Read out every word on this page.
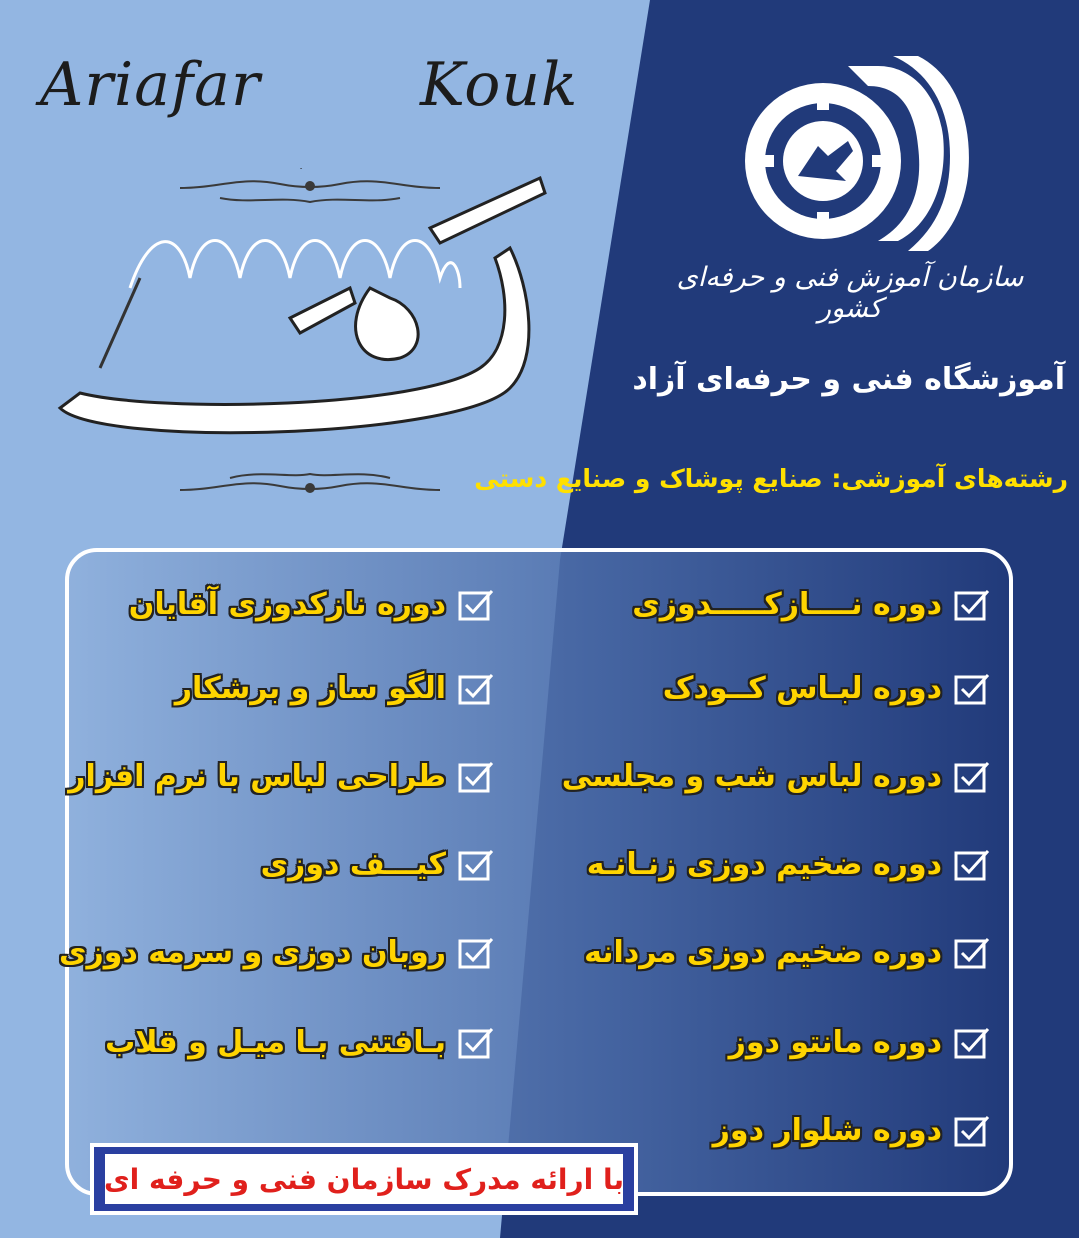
Ariafar	Kouk
سازمان آموزش فنی و حرفه‌ای کشور
آموزشگاه فنی و حرفه‌ای آزاد
رشته‌های آموزشی: صنایع پوشاک و صنایع دستی
دوره نــــازکـــــدوزی
دوره لبـاس کــودک
دوره لباس شب و مجلسی
دوره ضخیم دوزی زنـانـه
دوره ضخیم دوزی مردانه
دوره مانتو دوز
دوره شلوار دوز
دوره نازکدوزی آقایان
الگو ساز و برشکار
طراحی لباس با نرم افزار
کیـــف دوزی
روبان دوزی و سرمه دوزی
بـافتنی بـا میـل و قلاب
با ارائه مدرک سازمان فنی و حرفه ای
